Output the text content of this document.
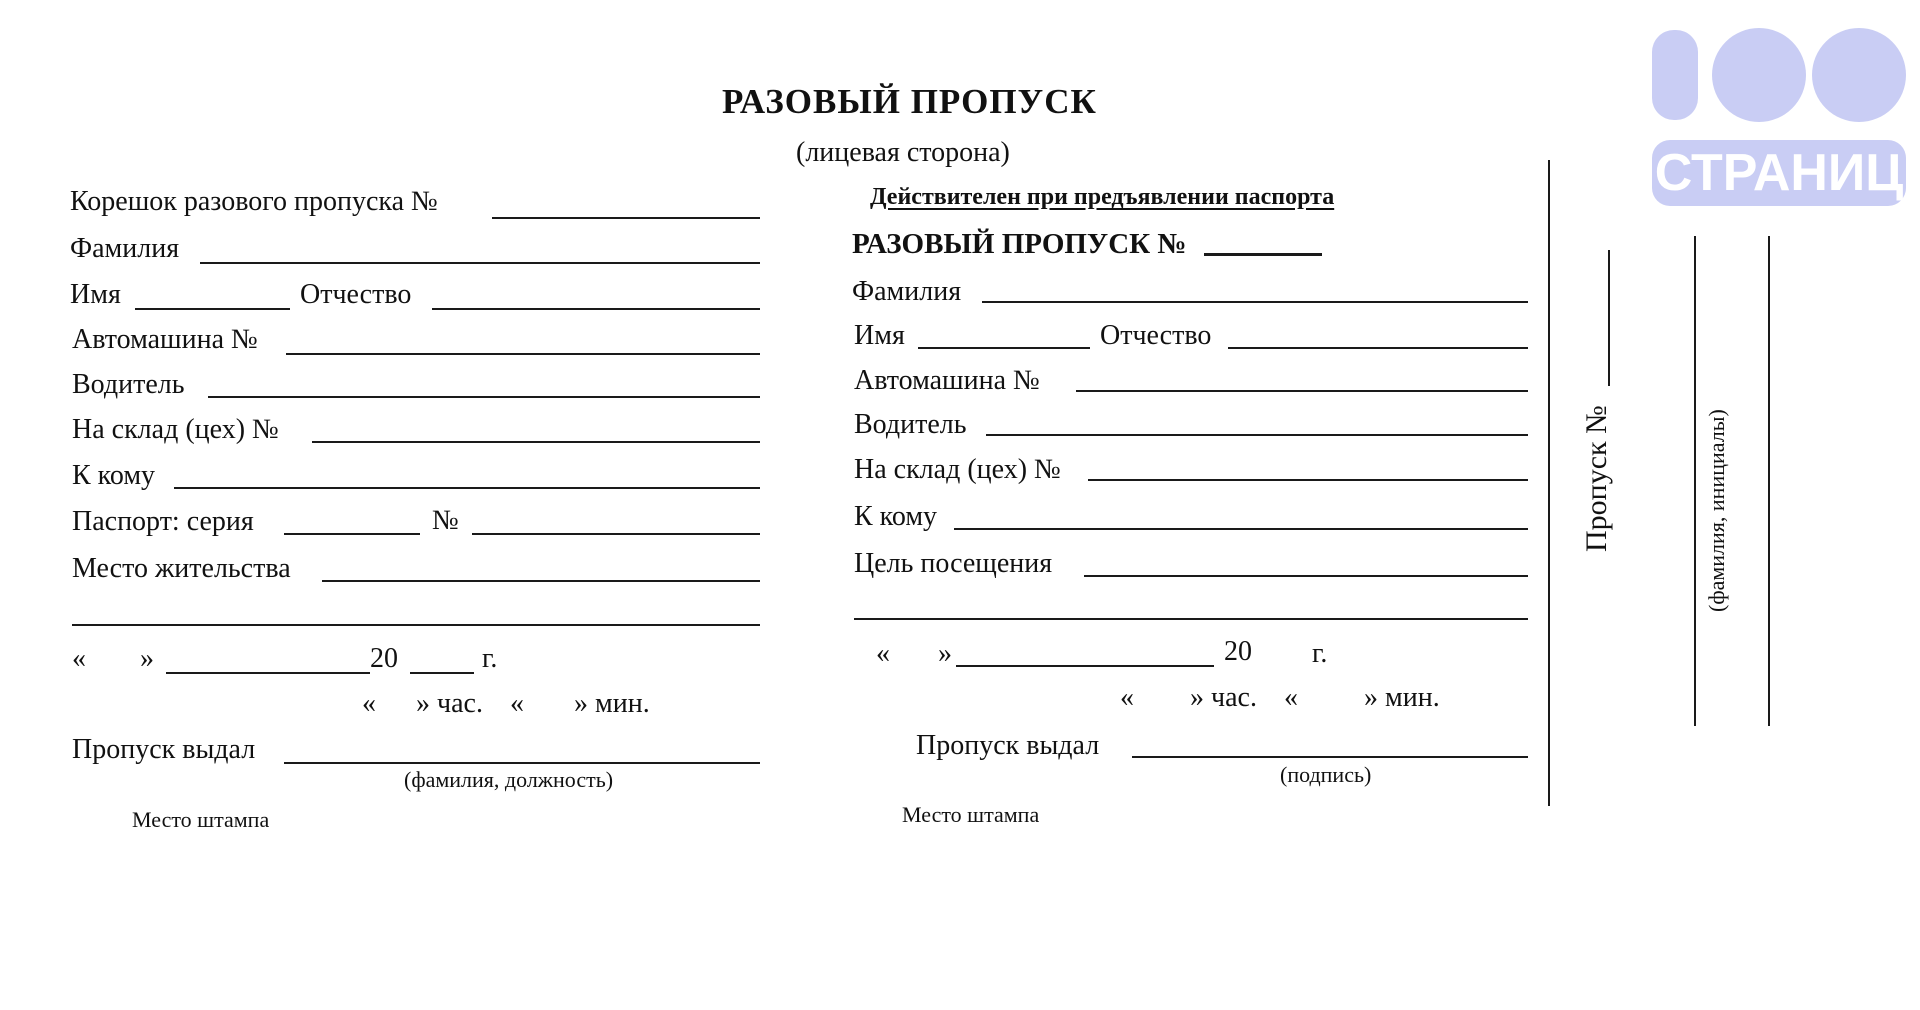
СТРАНИЦ
РАЗОВЫЙ ПРОПУСК
(лицевая сторона)
Корешок разового пропуска №
Фамилия
Имя	Отчество
Автомашина №
Водитель
На склад (цех) №
К кому
Паспорт: серия	№
Место жительства
« »	20	г.
« » час. « » мин.
Пропуск выдал
(фамилия, должность)
Место штампа
Действителен при предъявлении паспорта
РАЗОВЫЙ ПРОПУСК №
Фамилия
Имя	Отчество
Автомашина №
Водитель
На склад (цех) №
К кому
Цель посещения
« »	20 г.
« » час. « » мин.
Пропуск выдал
(подпись)
Место штампа
Пропуск №	(фамилия, инициалы)
